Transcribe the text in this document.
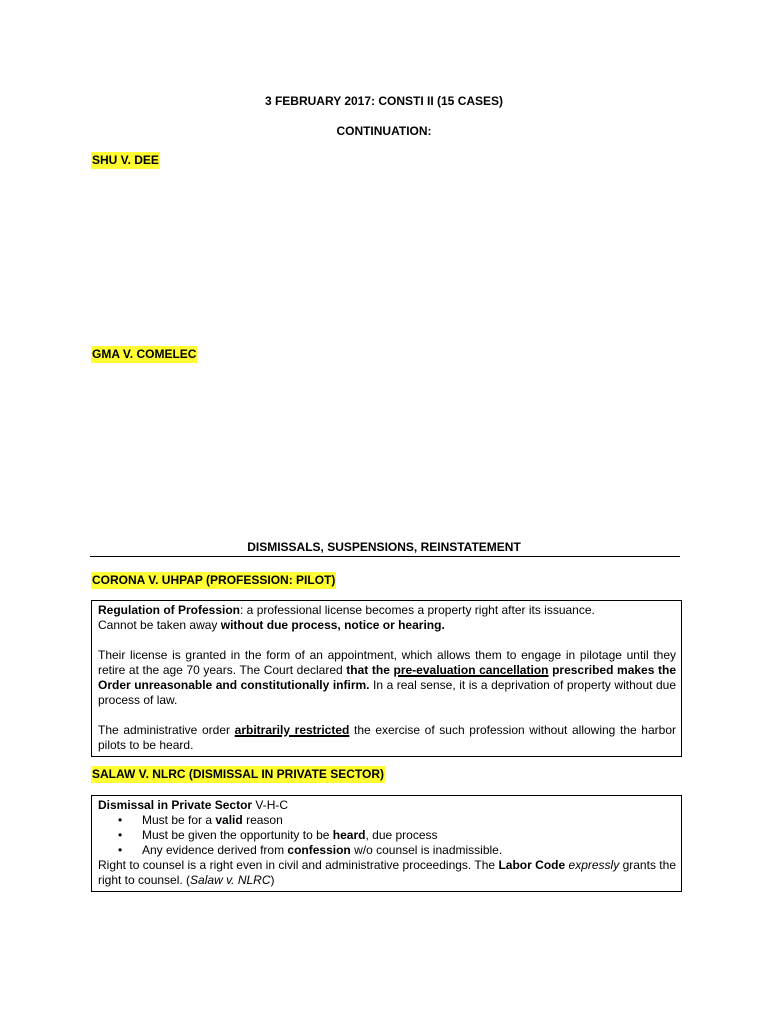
3 FEBRUARY 2017: CONSTI II (15 CASES)
CONTINUATION:
SHU V. DEE
GMA V. COMELEC
DISMISSALS, SUSPENSIONS, REINSTATEMENT
CORONA V. UHPAP (PROFESSION: PILOT)

Regulation of Profession: a professional license becomes a property right after its issuance.
Cannot be taken away without due process, notice or hearing.

Their license is granted in the form of an appointment, which allows them to engage in pilotage until they retire at the age 70 years. The Court declared that the pre-evaluation cancellation prescribed makes the Order unreasonable and constitutionally infirm. In a real sense, it is a deprivation of property without due process of law.

The administrative order arbitrarily restricted the exercise of such profession without allowing the harbor pilots to be heard.

SALAW V. NLRC (DISMISSAL IN PRIVATE SECTOR)

Dismissal in Private Sector V-H-C

• Must be for a valid reason
• Must be given the opportunity to be heard, due process
• Any evidence derived from confession w/o counsel is inadmissible.

Right to counsel is a right even in civil and administrative proceedings. The Labor Code expressly grants the right to counsel. (Salaw v. NLRC)
